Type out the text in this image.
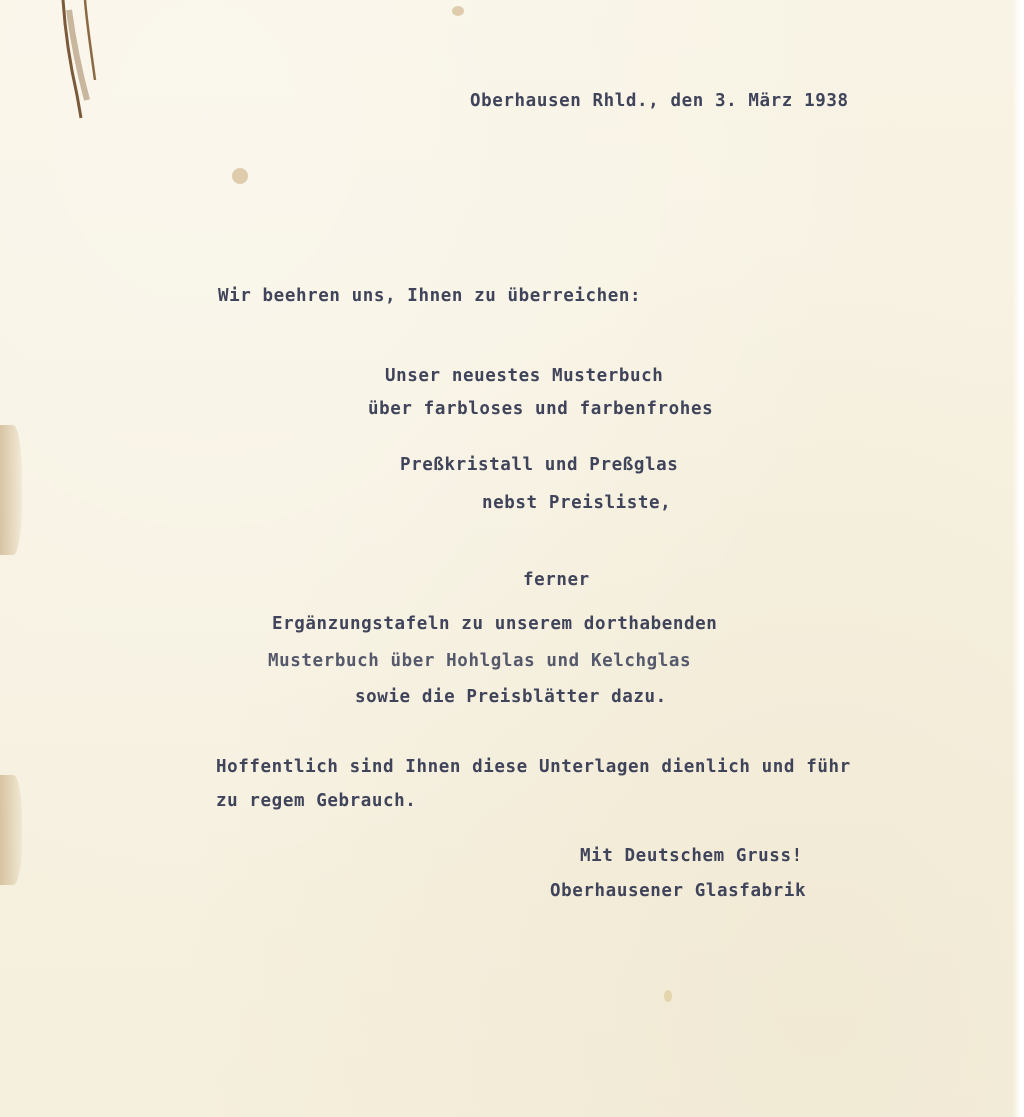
Oberhausen Rhld., den 3. März 1938

Wir beehren uns, Ihnen zu überreichen:

Unser neuestes Musterbuch

über farbloses und farbenfrohes

Preßkristall und Preßglas

nebst Preisliste,

ferner

Ergänzungstafeln zu unserem dorthabenden

Musterbuch über Hohlglas und Kelchglas

sowie die Preisblätter dazu.

Hoffentlich sind Ihnen diese Unterlagen dienlich und führ

zu regem Gebrauch.

Mit Deutschem Gruss!

Oberhausener Glasfabrik
